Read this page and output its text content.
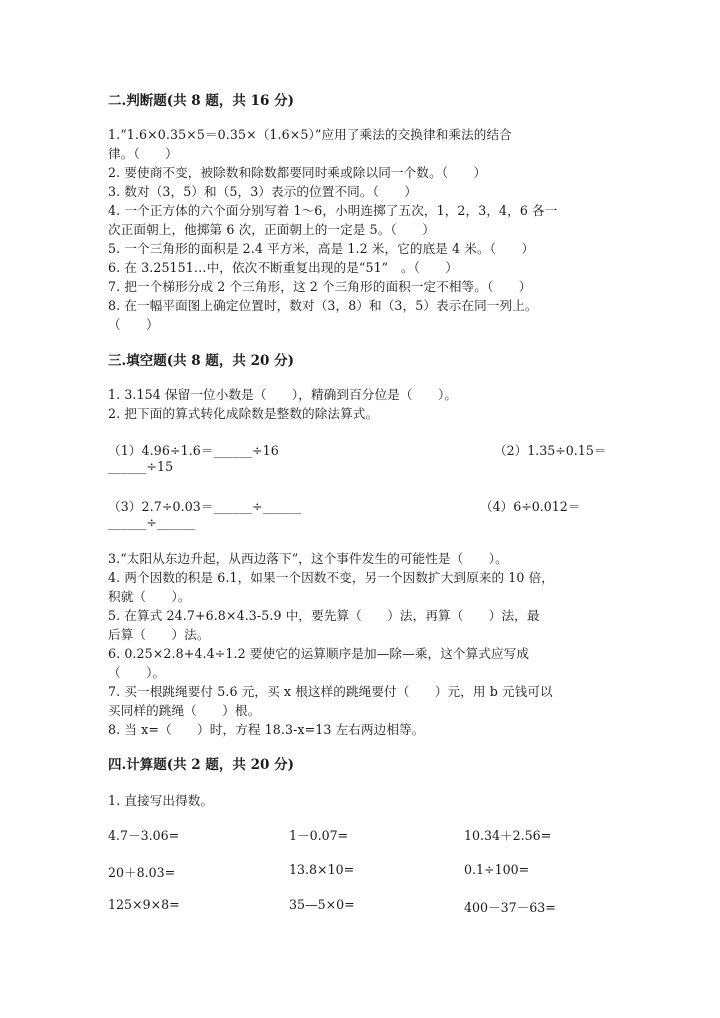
二.判断题(共 8 题，共 16 分)
1.“1.6×0.35×5＝0.35×（1.6×5）”应用了乘法的交换律和乘法的结合
律。（　　）
2. 要使商不变，被除数和除数都要同时乘或除以同一个数。（　　）
3. 数对（3，5）和（5，3）表示的位置不同。（　　）
4. 一个正方体的六个面分别写着 1～6，小明连掷了五次，1，2，3，4，6 各一
次正面朝上，他掷第 6 次，正面朝上的一定是 5。（　　）
5. 一个三角形的面积是 2.4 平方米，高是 1.2 米，它的底是 4 米。（　　）
6. 在 3.25151…中，依次不断重复出现的是“51”　。（　　）
7. 把一个梯形分成 2 个三角形，这 2 个三角形的面积一定不相等。（　　）
8. 在一幅平面图上确定位置时，数对（3，8）和（3，5）表示在同一列上。
（　　）
三.填空题(共 8 题，共 20 分)
1. 3.154 保留一位小数是（　　），精确到百分位是（　　）。
2. 把下面的算式转化成除数是整数的除法算式。
（1）4.96÷1.6＝______÷16	（2）1.35÷0.15＝
______÷15
（3）2.7÷0.03＝______÷______	（4）6÷0.012＝
______÷______
3.“太阳从东边升起，从西边落下”，这个事件发生的可能性是（　　）。
4. 两个因数的积是 6.1，如果一个因数不变，另一个因数扩大到原来的 10 倍，
积就（　　）。
5. 在算式 24.7+6.8×4.3-5.9 中，要先算（　　）法，再算（　　）法，最
后算（　　）法。
6. 0.25×2.8+4.4÷1.2 要使它的运算顺序是加—除—乘，这个算式应写成
（　　）。
7. 买一根跳绳要付 5.6 元，买 x 根这样的跳绳要付（　　）元，用 b 元钱可以
买同样的跳绳（　　）根。
8. 当 x=（　　）时，方程 18.3-x=13 左右两边相等。
四.计算题(共 2 题，共 20 分)
1. 直接写出得数。
4.7－3.06=	1－0.07=	10.34＋2.56=
20＋8.03=	13.8×10=	0.1÷100=
125×9×8=	35—5×0=	400－37－63=
